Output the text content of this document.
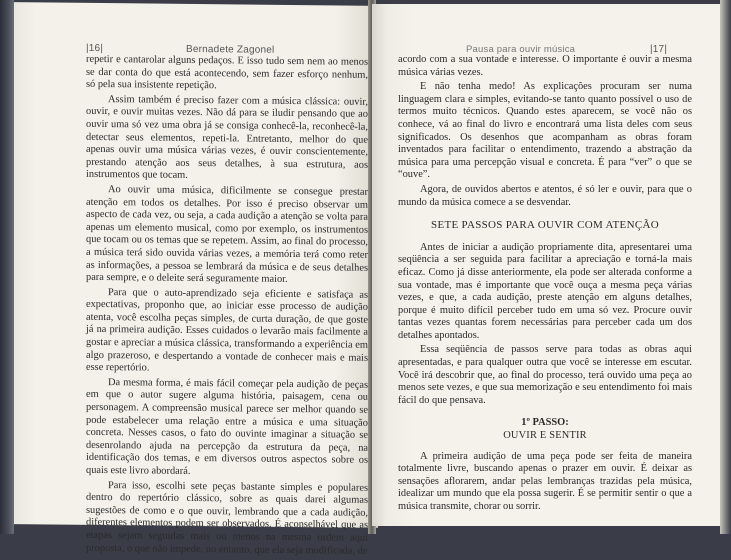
|16|	Bernadete Zagonel

repetir e cantarolar alguns pedaços. E isso tudo sem nem ao menos se dar conta do que está acontecendo, sem fazer esforço nenhum, só pela sua insistente repetição.

Assim também é preciso fazer com a música clássica: ouvir, ouvir, e ouvir muitas vezes. Não dá para se iludir pensando que ao ouvir uma só vez uma obra já se consiga conhecê-la, reconhecê-la, detectar seus elementos, repeti-la. Entretanto, melhor do que apenas ouvir uma música várias vezes, é ouvir conscientemente, prestando atenção aos seus detalhes, à sua estrutura, aos instrumentos que tocam.

Ao ouvir uma música, dificilmente se consegue prestar atenção em todos os detalhes. Por isso é preciso observar um aspecto de cada vez, ou seja, a cada audição a atenção se volta para apenas um elemento musical, como por exemplo, os instrumentos que tocam ou os temas que se repetem. Assim, ao final do processo, a música terá sido ouvida várias vezes, a memória terá como reter as informações, a pessoa se lembrará da música e de seus detalhes para sempre, e o deleite será seguramente maior.

Para que o auto-aprendizado seja eficiente e satisfaça as expectativas, proponho que, ao iniciar esse processo de audição atenta, você escolha peças simples, de curta duração, de que goste já na primeira audição. Esses cuidados o levarão mais facilmente a gostar e apreciar a música clássica, transformando a experiência em algo prazeroso, e despertando a vontade de conhecer mais e mais esse repertório.

Da mesma forma, é mais fácil começar pela audição de peças em que o autor sugere alguma história, paisagem, cena ou personagem. A compreensão musical parece ser melhor quando se pode estabelecer uma relação entre a música e uma situação concreta. Nesses casos, o fato do ouvinte imaginar a situação se desenrolando ajuda na percepção da estrutura da peça, na identificação dos temas, e em diversos outros aspectos sobre os quais este livro abordará.

Para isso, escolhi sete peças bastante simples e populares dentro do repertório clássico, sobre as quais darei algumas sugestões de como e o que ouvir, lembrando que a cada audição, diferentes elementos podem ser observados. É aconselhável que as etapas sejam seguidas mais ou menos na mesma ordem aqui proposta, o que não impede, no entanto, que ela seja modificada, de

Pausa para ouvir música	|17|

acordo com a sua vontade e interesse. O importante é ouvir a mesma música várias vezes.

E não tenha medo! As explicações procuram ser numa linguagem clara e simples, evitando-se tanto quanto possível o uso de termos muito técnicos. Quando estes aparecem, se você não os conhece, vá ao final do livro e encontrará uma lista deles com seus significados. Os desenhos que acompanham as obras foram inventados para facilitar o entendimento, trazendo a abstração da música para uma percepção visual e concreta. É para “ver” o que se “ouve”.

Agora, de ouvidos abertos e atentos, é só ler e ouvir, para que o mundo da música comece a se desvendar.

SETE PASSOS PARA OUVIR COM ATENÇÃO

Antes de iniciar a audição propriamente dita, apresentarei uma seqüência a ser seguida para facilitar a apreciação e torná-la mais eficaz. Como já disse anteriormente, ela pode ser alterada conforme a sua vontade, mas é importante que você ouça a mesma peça várias vezes, e que, a cada audição, preste atenção em alguns detalhes, porque é muito difícil perceber tudo em uma só vez. Procure ouvir tantas vezes quantas forem necessárias para perceber cada um dos detalhes apontados.

Essa seqüência de passos serve para todas as obras aqui apresentadas, e para qualquer outra que você se interesse em escutar. Você irá descobrir que, ao final do processo, terá ouvido uma peça ao menos sete vezes, e que sua memorização e seu entendimento foi mais fácil do que pensava.

1º PASSO:
OUVIR E SENTIR

A primeira audição de uma peça pode ser feita de maneira totalmente livre, buscando apenas o prazer em ouvir. É deixar as sensações aflorarem, andar pelas lembranças trazidas pela música, idealizar um mundo que ela possa sugerir. É se permitir sentir o que a música transmite, chorar ou sorrir.
